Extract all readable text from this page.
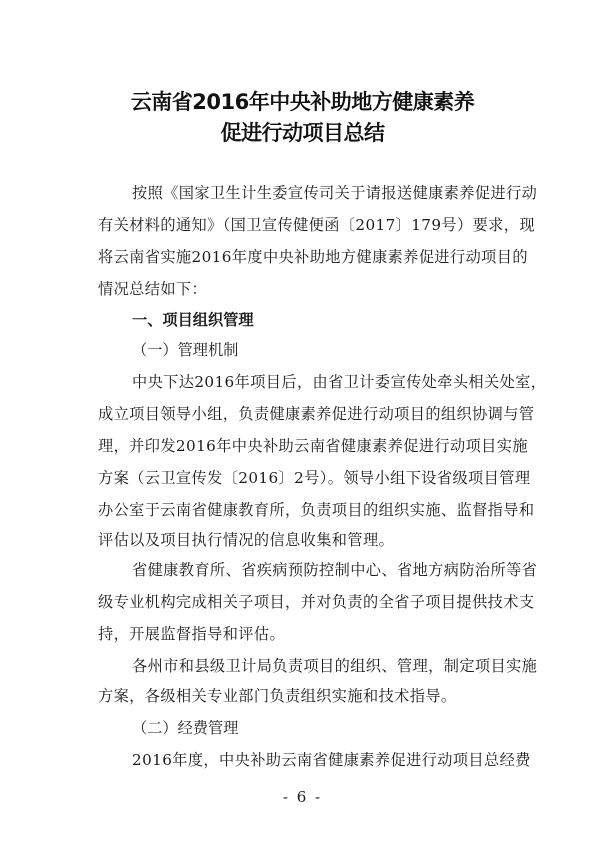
云南省2016年中央补助地方健康素养
促进行动项目总结
按照《国家卫生计生委宣传司关于请报送健康素养促进行动
有关材料的通知》（国卫宣传健便函〔2017〕179号）要求，现
将云南省实施2016年度中央补助地方健康素养促进行动项目的
情况总结如下：
一、项目组织管理
（一）管理机制
中央下达2016年项目后，由省卫计委宣传处牵头相关处室，
成立项目领导小组，负责健康素养促进行动项目的组织协调与管
理，并印发2016年中央补助云南省健康素养促进行动项目实施
方案（云卫宣传发〔2016〕2号）。领导小组下设省级项目管理
办公室于云南省健康教育所，负责项目的组织实施、监督指导和
评估以及项目执行情况的信息收集和管理。
省健康教育所、省疾病预防控制中心、省地方病防治所等省
级专业机构完成相关子项目，并对负责的全省子项目提供技术支
持，开展监督指导和评估。
各州市和县级卫计局负责项目的组织、管理，制定项目实施
方案，各级相关专业部门负责组织实施和技术指导。
（二）经费管理
2016年度，中央补助云南省健康素养促进行动项目总经费
- 6 -
